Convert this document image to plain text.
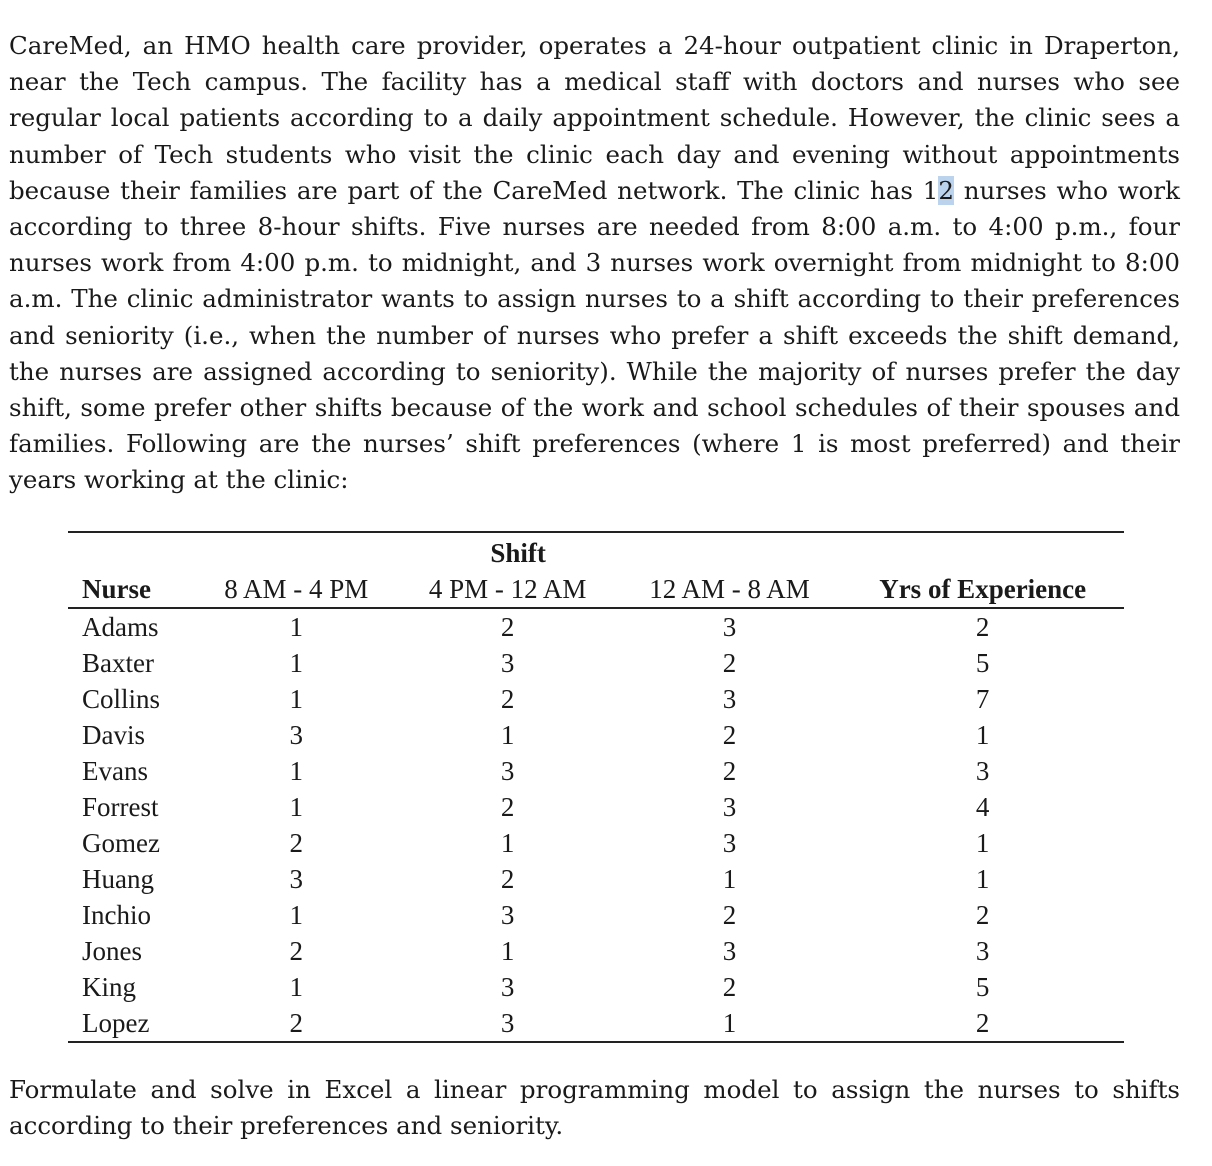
CareMed, an HMO health care provider, operates a 24-hour outpatient clinic in Draperton, near the Tech campus. The facility has a medical staff with doctors and nurses who see regular local patients according to a daily appointment schedule. However, the clinic sees a number of Tech students who visit the clinic each day and evening without appointments because their families are part of the CareMed network. The clinic has 12 nurses who work according to three 8-hour shifts. Five nurses are needed from 8:00 a.m. to 4:00 p.m., four nurses work from 4:00 p.m. to midnight, and 3 nurses work overnight from midnight to 8:00 a.m. The clinic administrator wants to assign nurses to a shift according to their preferences and seniority (i.e., when the number of nurses who prefer a shift exceeds the shift demand, the nurses are assigned according to seniority). While the majority of nurses prefer the day shift, some prefer other shifts because of the work and school schedules of their spouses and families. Following are the nurses’ shift preferences (where 1 is most preferred) and their years working at the clinic:

	Shift			
Nurse	8 AM - 4 PM	4 PM - 12 AM	12 AM - 8 AM	Yrs of Experience
Adams	1	2	3	2
Baxter	1	3	2	5
Collins	1	2	3	7
Davis	3	1	2	1
Evans	1	3	2	3
Forrest	1	2	3	4
Gomez	2	1	3	1
Huang	3	2	1	1
Inchio	1	3	2	2
Jones	2	1	3	3
King	1	3	2	5
Lopez	2	3	1	2

Formulate and solve in Excel a linear programming model to assign the nurses to shifts according to their preferences and seniority.
